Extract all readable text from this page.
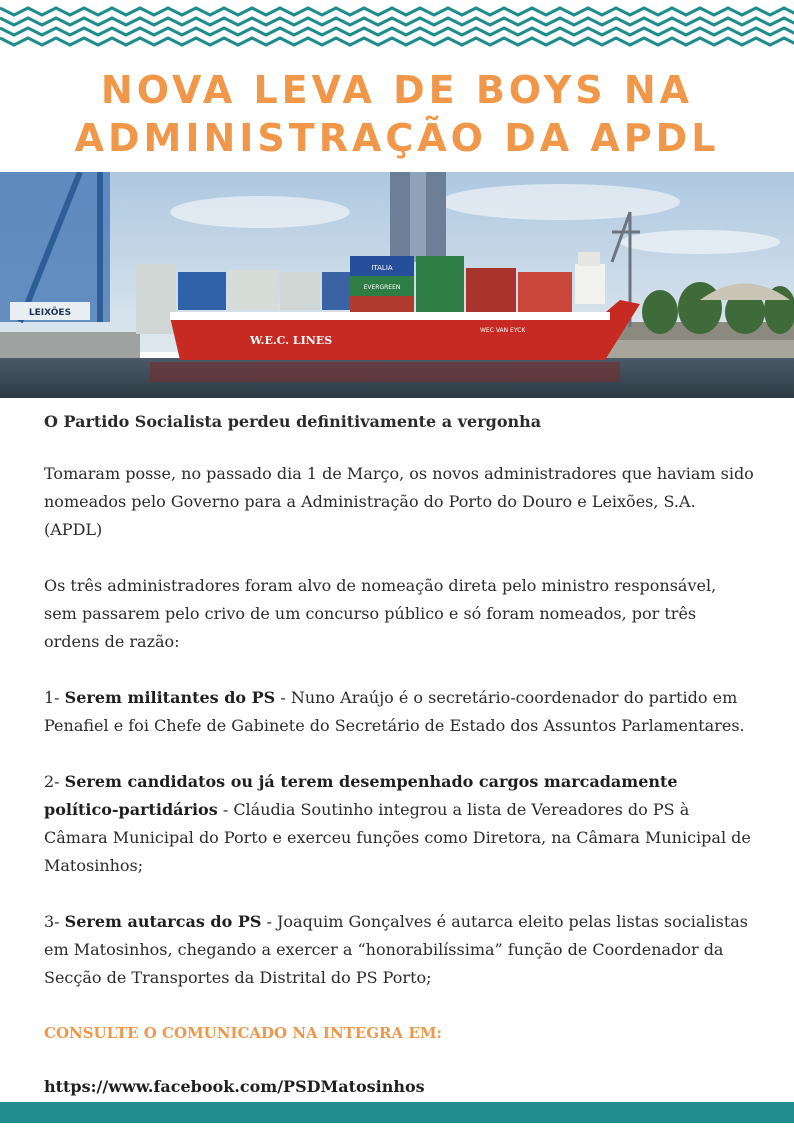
NOVA LEVA DE BOYS NA
ADMINISTRAÇÃO DA APDL
LEIXÕES
ITALIA
EVERGREEN
W.E.C. LINES
WEC VAN EYCK

O Partido Socialista perdeu definitivamente a vergonha

Tomaram posse, no passado dia 1 de Março, os novos administradores que haviam sido nomeados pelo Governo para a Administração do Porto do Douro e Leixões, S.A. (APDL)

Os três administradores foram alvo de nomeação direta pelo ministro responsável, sem passarem pelo crivo de um concurso público e só foram nomeados, por três ordens de razão:

1- Serem militantes do PS - Nuno Araújo é o secretário-coordenador do partido em Penafiel e foi Chefe de Gabinete do Secretário de Estado dos Assuntos Parlamentares.

2- Serem candidatos ou já terem desempenhado cargos marcadamente político-partidários - Cláudia Soutinho integrou a lista de Vereadores do PS à Câmara Municipal do Porto e exerceu funções como Diretora, na Câmara Municipal de Matosinhos;

3- Serem autarcas do PS - Joaquim Gonçalves é autarca eleito pelas listas socialistas em Matosinhos, chegando a exercer a “honorabilíssima” função de Coordenador da Secção de Transportes da Distrital do PS Porto;

CONSULTE O COMUNICADO NA INTEGRA EM:

https://www.facebook.com/PSDMatosinhos
